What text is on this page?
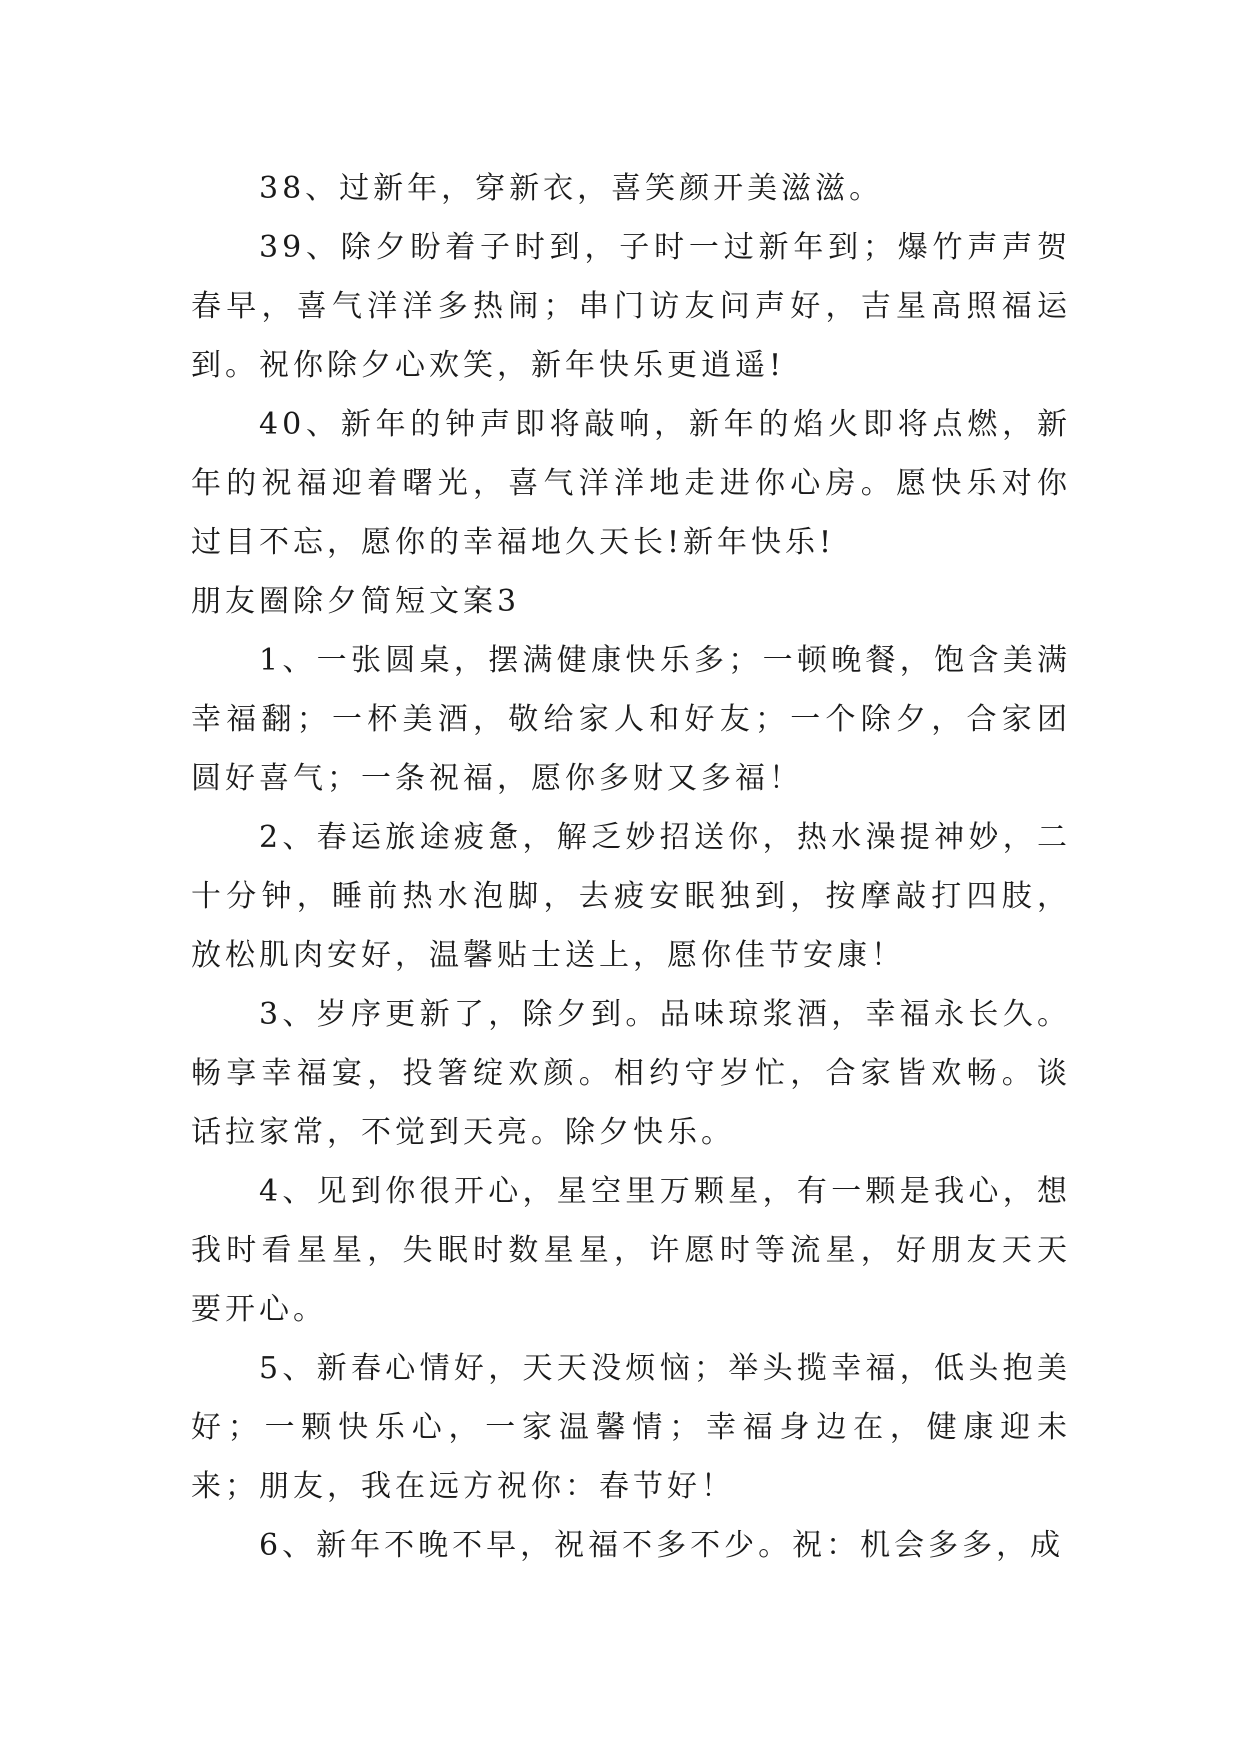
38、过新年，穿新衣，喜笑颜开美滋滋。

39、除夕盼着子时到，子时一过新年到；爆竹声声贺春早，喜气洋洋多热闹；串门访友问声好，吉星高照福运到。祝你除夕心欢笑，新年快乐更逍遥!

40、新年的钟声即将敲响，新年的焰火即将点燃，新年的祝福迎着曙光，喜气洋洋地走进你心房。愿快乐对你过目不忘，愿你的幸福地久天长!新年快乐!

朋友圈除夕简短文案3

1、一张圆桌，摆满健康快乐多；一顿晚餐，饱含美满幸福翻；一杯美酒，敬给家人和好友；一个除夕，合家团圆好喜气；一条祝福，愿你多财又多福！

2、春运旅途疲惫，解乏妙招送你，热水澡提神妙，二十分钟，睡前热水泡脚，去疲安眠独到，按摩敲打四肢，放松肌肉安好，温馨贴士送上，愿你佳节安康！

3、岁序更新了，除夕到。品味琼浆酒，幸福永长久。畅享幸福宴，投箸绽欢颜。相约守岁忙，合家皆欢畅。谈话拉家常，不觉到天亮。除夕快乐。

4、见到你很开心，星空里万颗星，有一颗是我心，想我时看星星，失眠时数星星，许愿时等流星，好朋友天天要开心。

5、新春心情好，天天没烦恼；举头揽幸福，低头抱美好；一颗快乐心，一家温馨情；幸福身边在，健康迎未来；朋友，我在远方祝你：春节好！

6、新年不晚不早，祝福不多不少。祝：机会多多，成
